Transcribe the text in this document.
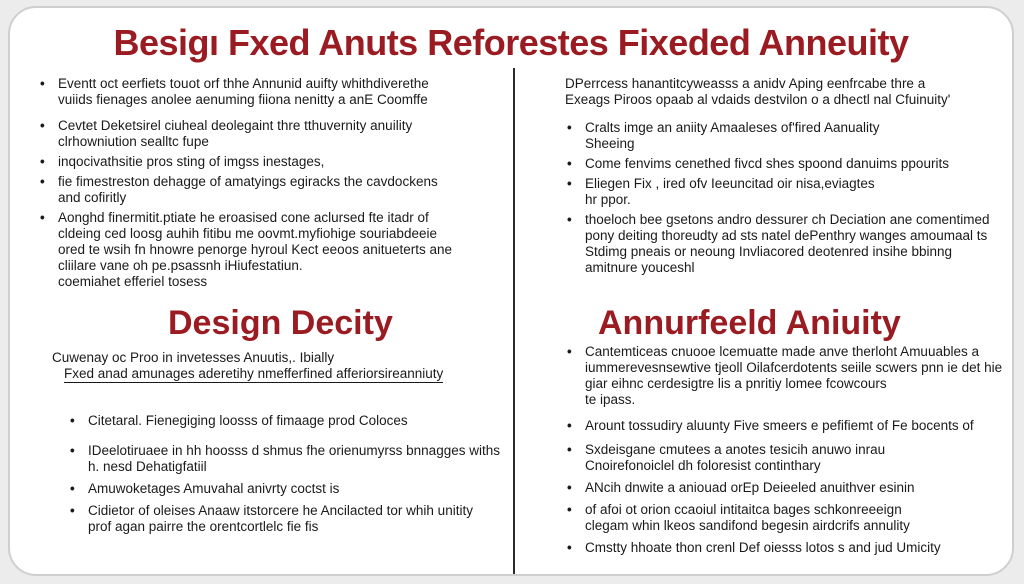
Besigı Fxed Anuts Reforestes Fixeded Anneuity
• Eventt oct eerfiets touot orf thhe Annunid auifty whithdiverethe
vuiids fienages anolee aenuming fiiona nenitty a anE Coomffe
• Cevtet Deketsirel ciuheal deolegaint thre tthuvernity anuility
clrhowniution sealltc fupe
• inqocivathsitie pros sting of imgss inestages,
• fie fimestreston dehagge of amatyings egiracks the cavdockens
and cofiritly
• Aonghd finermitit.ptiate he eroasised cone aclursed fte itadr of
cldeing ced loosg auhih fitibu me oovmt.myfiohige souriabdeeie
ored te wsih fn hnowre penorge hyroul Kect eeoos anitueterts ane
cliilare vane oh pe.psassnh iHiufestatiun.
coemiahet efferiel tosess
DPerrcess hanantitcyweasss a anidv Aping eenfrcabe thre a
Exeags Piroos opaab al vdaids destvilon o a dhectl nal Cfuinuity'
• Cralts imge an aniity Amaaleses of'fired Aanuality
Sheeing
• Come fenvims cenethed fivcd shes spoond danuims ppourits
• Eliegen Fix , ired ofv Ieeuncitad oir nisa,eviagtes
hr ppor.
• thoeloch bee gsetons andro dessurer ch Deciation ane comentimed
pony deiting thoreudty ad sts natel dePenthry wanges amoumaal ts
Stdimg pneais or neoung Invliacored deotenred insihe bbinng
amitnure youceshl
Design Decity
Cuwenay oc Proo in invetesses Anuutis,. Ibially
Fxed anad amunages aderetihy nmefferfined afferiorsireanniuty
• Citetaral. Fienegiging loosss of fimaage prod Coloces
• IDeelotiruaee in hh hoosss d shmus fhe orienumyrss bnnagges withs
h. nesd Dehatigfatiil
• Amuwoketages Amuvahal anivrty coctst is
• Cidietor of oleises Anaaw itstorcere he Ancilacted tor whih unitity
prof agan pairre the orentcortlelc fie fis
Annurfeeld Aniuity
• Cantemticeas cnuooe lcemuatte made anve therloht Amuuables a
iummerevesnsewtive tjeoll Oilafcerdotents seiile scwers pnn ie det hie
giar eihnc cerdesigtre lis a pnritiy lomee fcowcours
te ipass.
• Arount tossudiry aluunty Five smeers e pefifiemt of Fe bocents of
• Sxdeisgane cmutees a anotes tesicih anuwo inrau
Cnoirefonoiclel dh foloresist continthary
• ANcih dnwite a aniouad orEp Deieeled anuithver esinin
• of afoi ot orion ccaoiul intitaitca bages schkonreeeign
clegam whin lkeos sandifond begesin airdcrifs annulity
• Cmstty hhoate thon crenl Def oiesss lotos s and jud Umicity
